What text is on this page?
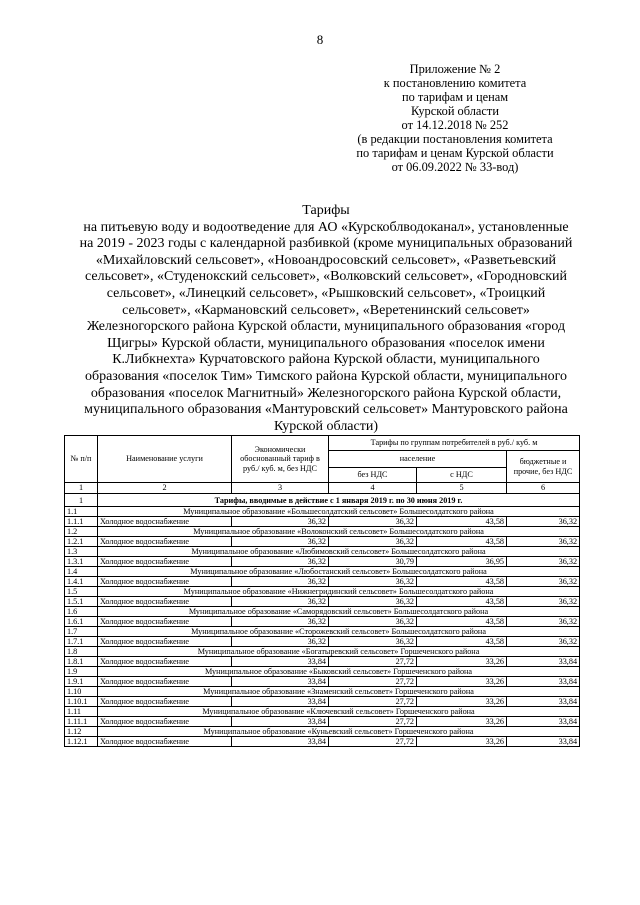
8
Приложение № 2
к постановлению комитета
по тарифам и ценам
Курской области
от 14.12.2018 № 252
(в редакции постановления комитета
по тарифам и ценам Курской области
от 06.09.2022 № 33-вод)
Тарифы
на питьевую воду и водоотведение для АО «Курскоблводоканал», установленные
на 2019 - 2023 годы с календарной разбивкой (кроме муниципальных образований
«Михайловский сельсовет», «Новоандросовский сельсовет», «Разветьевский
сельсовет», «Студенокский сельсовет», «Волковский сельсовет», «Городновский
сельсовет», «Линецкий сельсовет», «Рышковский сельсовет», «Троицкий
сельсовет», «Кармановский сельсовет», «Веретенинский сельсовет»
Железногорского района Курской области, муниципального образования «город
Щигры» Курской области, муниципального образования «поселок имени
К.Либкнехта» Курчатовского района Курской области, муниципального
образования «поселок Тим» Тимского района Курской области, муниципального
образования «поселок Магнитный» Железногорского района Курской области,
муниципального образования «Мантуровский сельсовет» Мантуровского района
Курской области)
№ п/п	Наименование услуги	Экономически обоснованный тариф в руб./ куб. м, без НДС	Тарифы по группам потребителей в руб./ куб. м		
			население		бюджетные и прочие, без НДС
			без НДС	с НДС	
1	2	3	4	5	6
1	Тарифы, вводимые в действие с 1 января 2019 г. по 30 июня 2019 г.				
1.1	Муниципальное образование «Большесолдатский сельсовет» Большесолдатского района				
1.1.1	Холодное водоснабжение	36,32	36,32	43,58	36,32
1.2	Муниципальное образование «Волоконский сельсовет» Большесолдатского района				
1.2.1	Холодное водоснабжение	36,32	36,32	43,58	36,32
1.3	Муниципальное образование «Любимовский сельсовет» Большесолдатского района				
1.3.1	Холодное водоснабжение	36,32	30,79	36,95	36,32
1.4	Муниципальное образование «Любостанский сельсовет» Большесолдатского района				
1.4.1	Холодное водоснабжение	36,32	36,32	43,58	36,32
1.5	Муниципальное образование «Нижнегридинский сельсовет» Большесолдатского района				
1.5.1	Холодное водоснабжение	36,32	36,32	43,58	36,32
1.6	Муниципальное образование «Саморядовский сельсовет» Большесолдатского района				
1.6.1	Холодное водоснабжение	36,32	36,32	43,58	36,32
1.7	Муниципальное образование «Сторожевский сельсовет» Большесолдатского района				
1.7.1	Холодное водоснабжение	36,32	36,32	43,58	36,32
1.8	Муниципальное образование «Богатыревский сельсовет» Горшеченского района				
1.8.1	Холодное водоснабжение	33,84	27,72	33,26	33,84
1.9	Муниципальное образование «Быковский сельсовет» Горшеченского района				
1.9.1	Холодное водоснабжение	33,84	27,72	33,26	33,84
1.10	Муниципальное образование «Знаменский сельсовет» Горшеченского района				
1.10.1	Холодное водоснабжение	33,84	27,72	33,26	33,84
1.11	Муниципальное образование «Ключевский сельсовет» Горшеченского района				
1.11.1	Холодное водоснабжение	33,84	27,72	33,26	33,84
1.12	Муниципальное образование «Куньевский сельсовет» Горшеченского района				
1.12.1	Холодное водоснабжение	33,84	27,72	33,26	33,84
